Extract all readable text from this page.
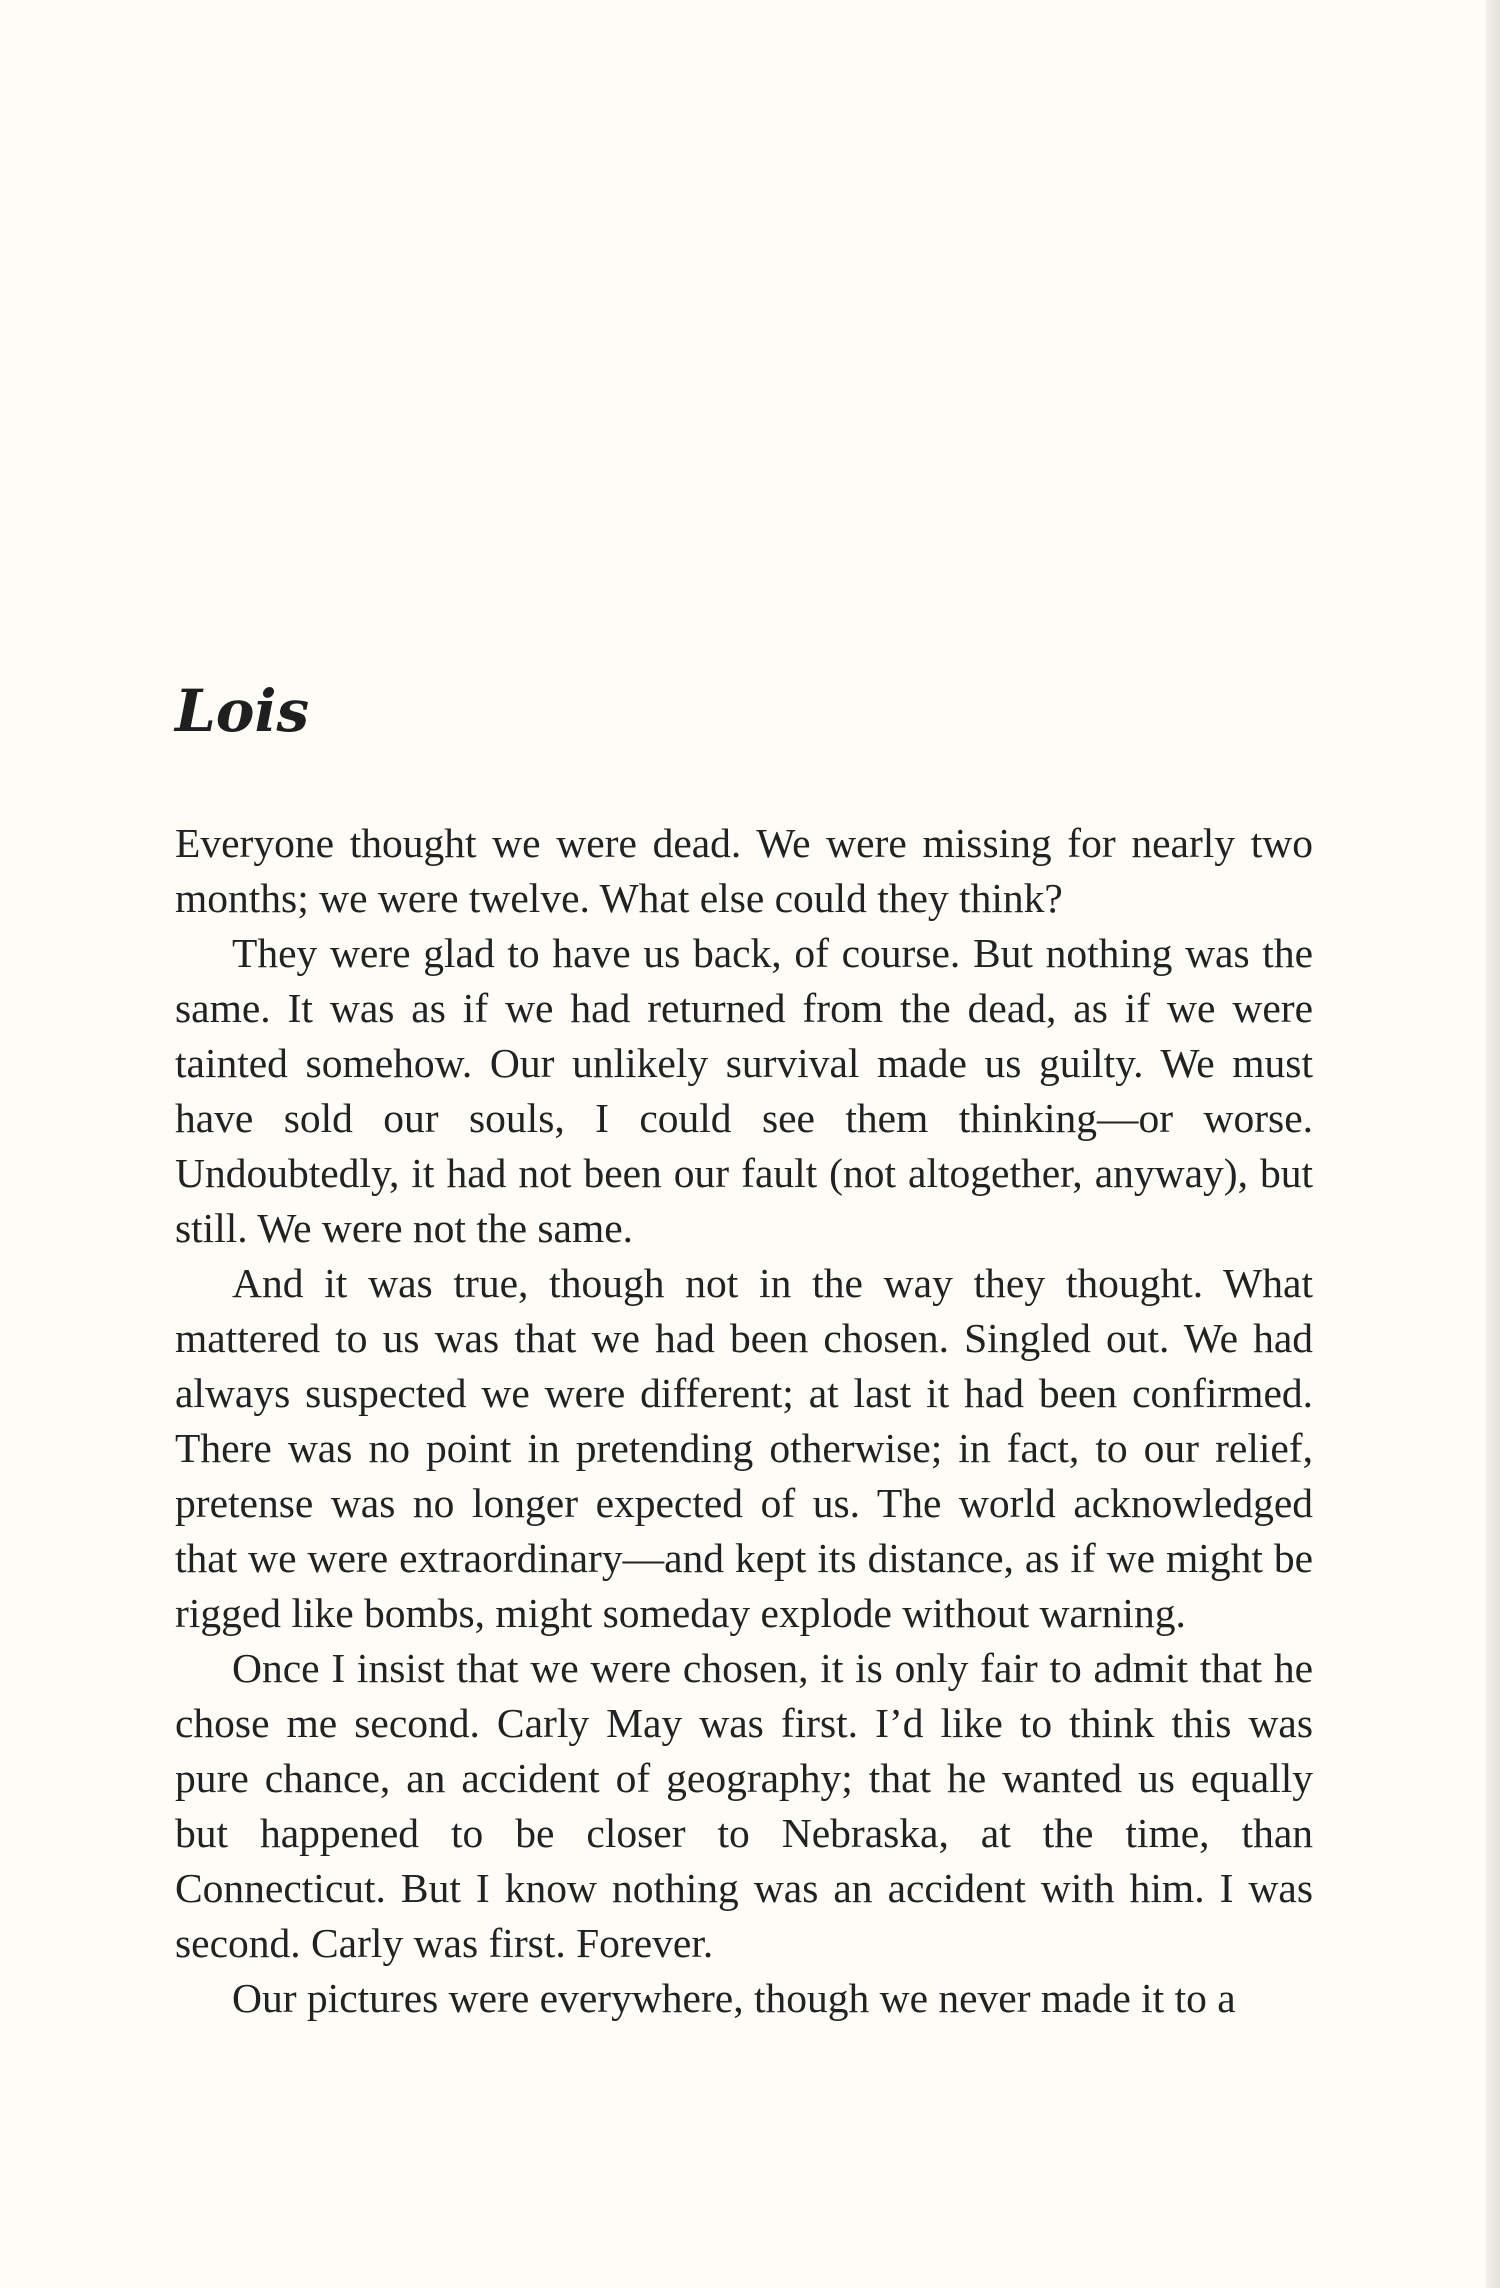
Lois

Everyone thought we were dead. We were missing for nearly two months; we were twelve. What else could they think?

They were glad to have us back, of course. But nothing was the same. It was as if we had returned from the dead, as if we were tainted somehow. Our unlikely survival made us guilty. We must have sold our souls, I could see them thinking—or worse. Undoubtedly, it had not been our fault (not altogether, anyway), but still. We were not the same.

And it was true, though not in the way they thought. What mattered to us was that we had been chosen. Singled out. We had always suspected we were different; at last it had been confirmed. There was no point in pretending otherwise; in fact, to our relief, pretense was no longer expected of us. The world acknowledged that we were extraordinary—and kept its distance, as if we might be rigged like bombs, might someday explode without warning.

Once I insist that we were chosen, it is only fair to admit that he chose me second. Carly May was first. I’d like to think this was pure chance, an accident of geography; that he wanted us equally but happened to be closer to Nebraska, at the time, than Connecticut. But I know nothing was an accident with him. I was second. Carly was first. Forever.

Our pictures were everywhere, though we never made it to a
